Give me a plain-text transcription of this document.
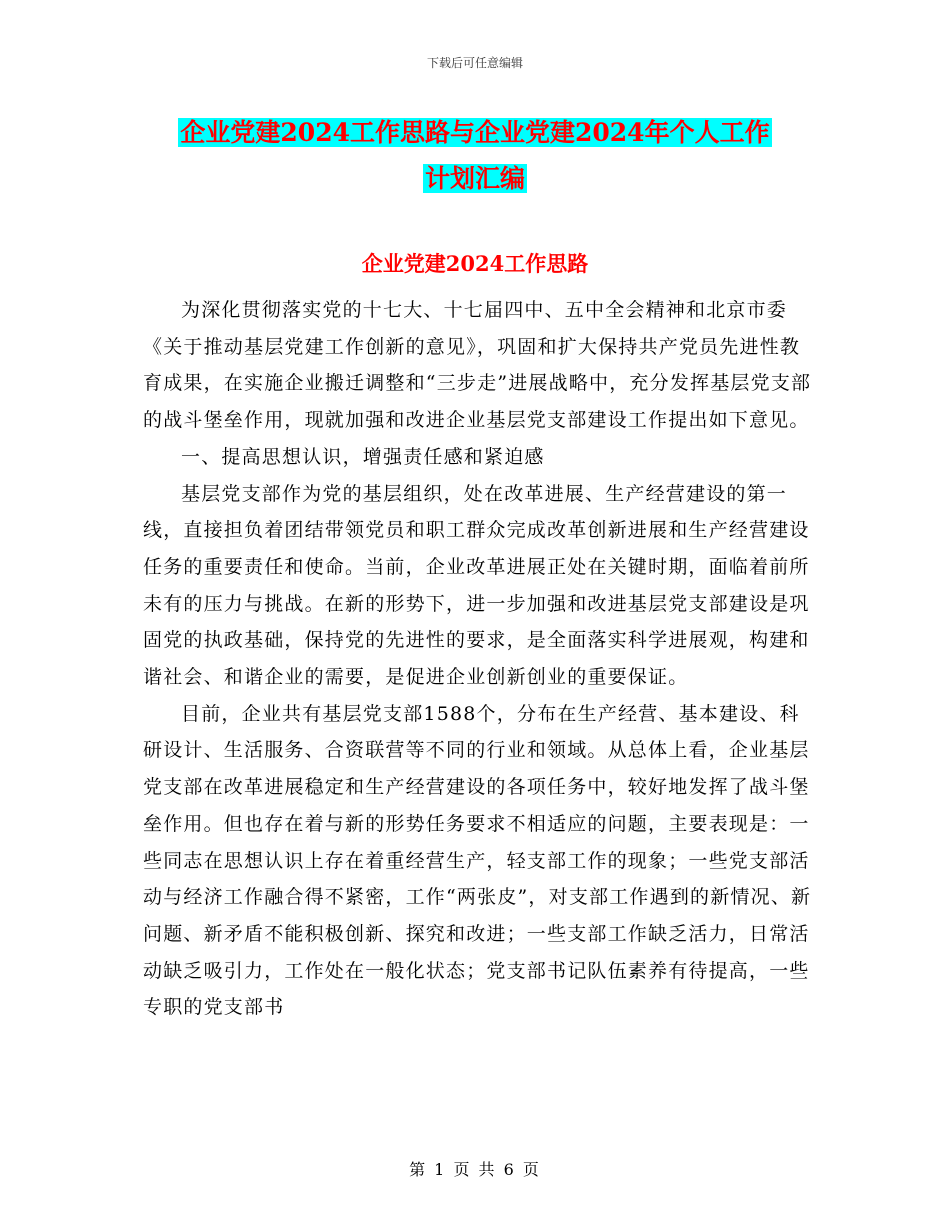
下载后可任意编辑
企业党建2024工作思路与企业党建2024年个人工作
计划汇编
企业党建2024工作思路

为深化贯彻落实党的十七大、十七届四中、五中全会精神和北京市委《关于推动基层党建工作创新的意见》，巩固和扩大保持共产党员先进性教育成果，在实施企业搬迁调整和“三步走”进展战略中，充分发挥基层党支部的战斗堡垒作用，现就加强和改进企业基层党支部建设工作提出如下意见。

一、提高思想认识，增强责任感和紧迫感

基层党支部作为党的基层组织，处在改革进展、生产经营建设的第一线，直接担负着团结带领党员和职工群众完成改革创新进展和生产经营建设任务的重要责任和使命。当前，企业改革进展正处在关键时期，面临着前所未有的压力与挑战。在新的形势下，进一步加强和改进基层党支部建设是巩固党的执政基础，保持党的先进性的要求，是全面落实科学进展观，构建和谐社会、和谐企业的需要，是促进企业创新创业的重要保证。

目前，企业共有基层党支部1588个，分布在生产经营、基本建设、科研设计、生活服务、合资联营等不同的行业和领域。从总体上看，企业基层党支部在改革进展稳定和生产经营建设的各项任务中，较好地发挥了战斗堡垒作用。但也存在着与新的形势任务要求不相适应的问题，主要表现是：一些同志在思想认识上存在着重经营生产，轻支部工作的现象；一些党支部活动与经济工作融合得不紧密，工作“两张皮”，对支部工作遇到的新情况、新问题、新矛盾不能积极创新、探究和改进；一些支部工作缺乏活力，日常活动缺乏吸引力，工作处在一般化状态；党支部书记队伍素养有待提高，一些专职的党支部书

第 1 页 共 6 页
